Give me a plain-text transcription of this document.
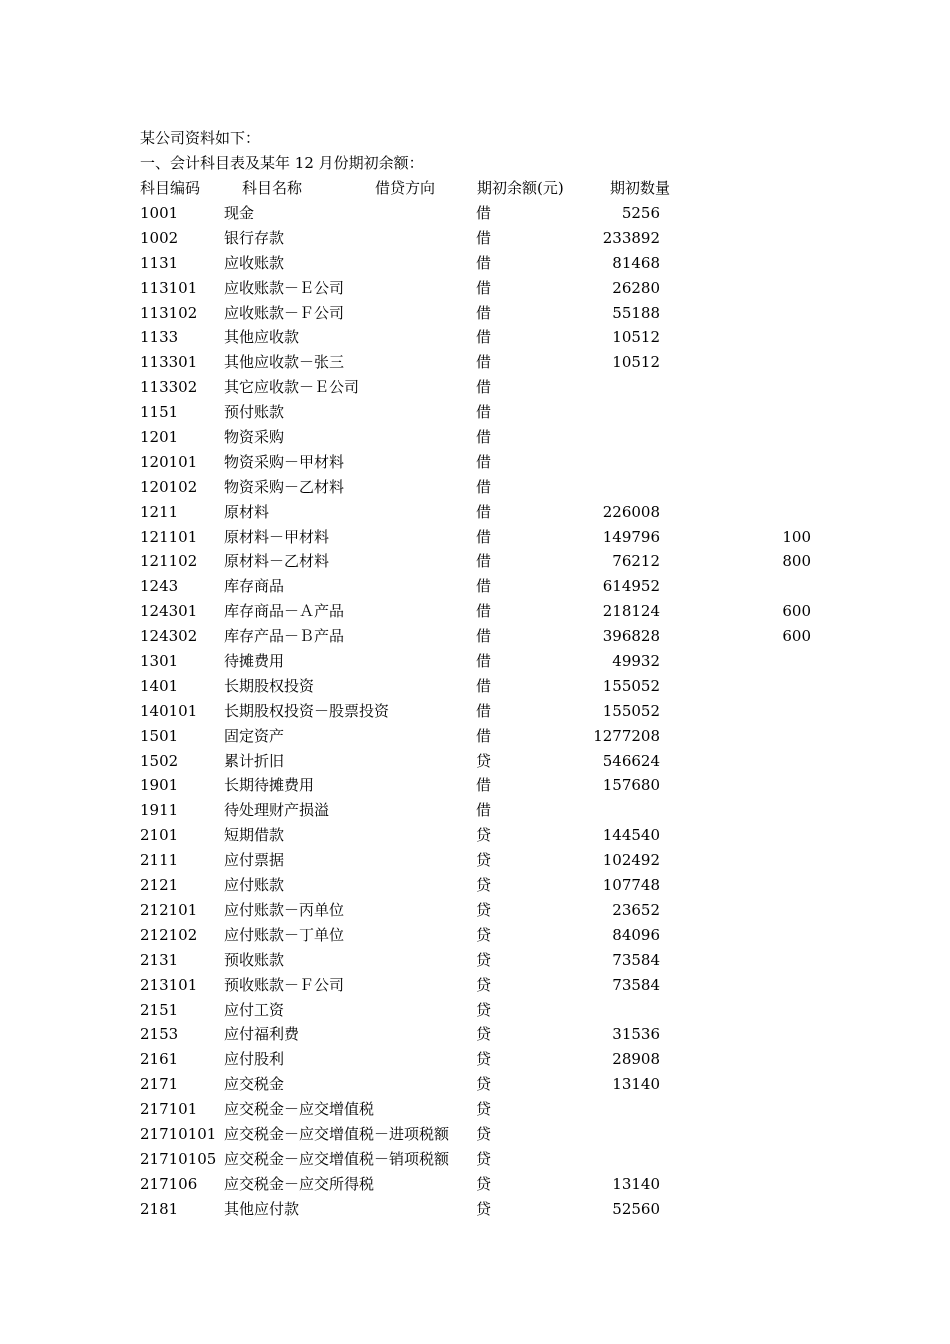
某公司资料如下：
一、会计科目表及某年 12 月份期初余额：
科目编码	科目名称	借贷方向	期初余额(元)	期初数量
1001	现金	借	5256
1002	银行存款	借	233892
1131	应收账款	借	81468
113101 应收账款－Ｅ公司	借	26280
113102 应收账款－Ｆ公司	借	55188
1133	其他应收款	借	10512
113301 其他应收款－张三	借	10512
113302 其它应收款－Ｅ公司	借
1151	预付账款	借
1201	物资采购	借
120101 物资采购－甲材料	借
120102 物资采购－乙材料	借
1211	原材料	借	226008
121101 原材料－甲材料	借	149796	100
121102 原材料－乙材料	借	76212	800
1243	库存商品	借	614952
124301 库存商品－Ａ产品	借	218124	600
124302 库存产品－Ｂ产品	借	396828	600
1301	待摊费用	借	49932
1401	长期股权投资	借	155052
140101 长期股权投资－股票投资	借	155052
1501	固定资产	借	1277208
1502	累计折旧	贷	546624
1901	长期待摊费用	借	157680
1911	待处理财产损溢	借
2101	短期借款	贷	144540
2111	应付票据	贷	102492
2121	应付账款	贷	107748
212101 应付账款－丙单位	贷	23652
212102 应付账款－丁单位	贷	84096
2131	预收账款	贷	73584
213101 预收账款－Ｆ公司	贷	73584
2151	应付工资	贷
2153	应付福利费	贷	31536
2161	应付股利	贷	28908
2171	应交税金	贷	13140
217101 应交税金－应交增值税	贷
21710101 应交税金－应交增值税－进项税额 贷
21710105 应交税金－应交增值税－销项税额 贷
217106 应交税金－应交所得税	贷	13140
2181	其他应付款	贷	52560
